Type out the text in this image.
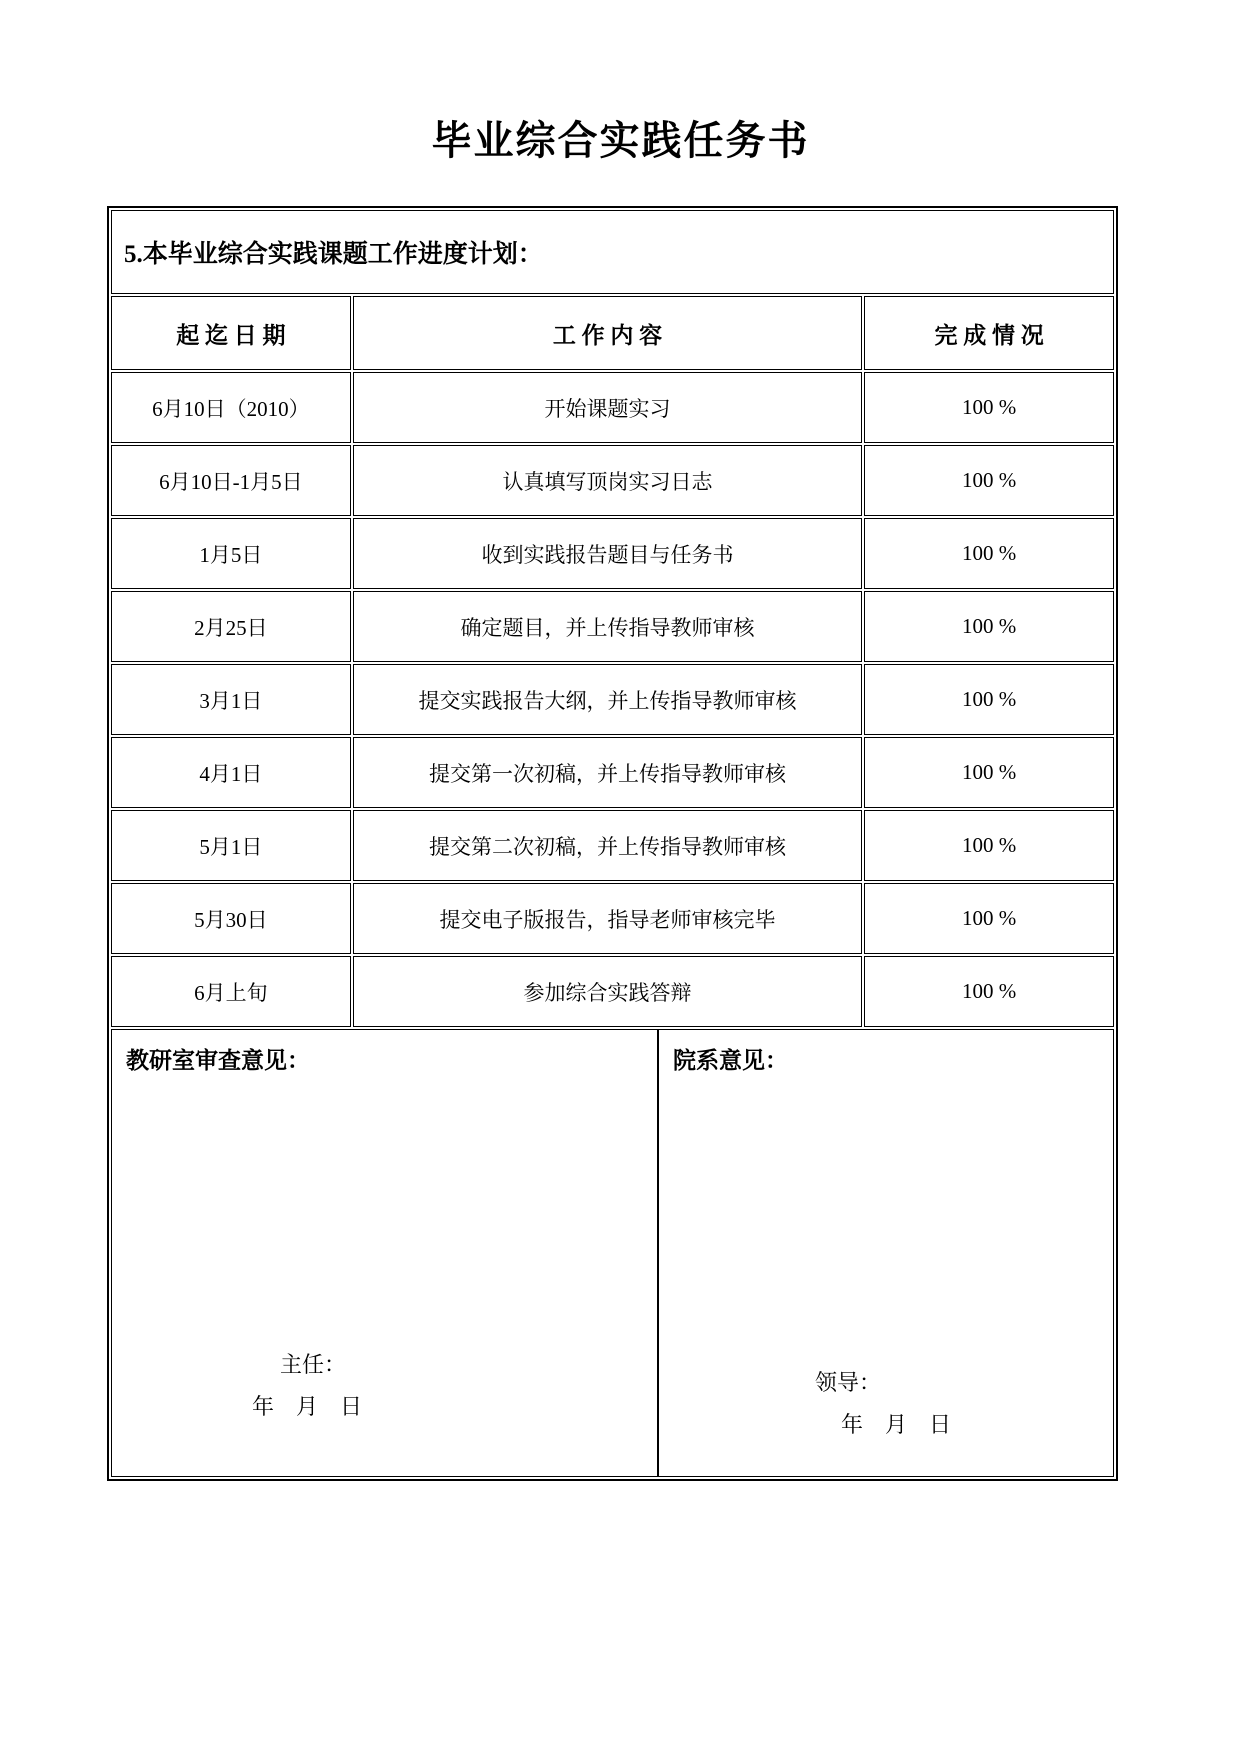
毕业综合实践任务书
5.本毕业综合实践课题工作进度计划：
起 迄 日 期	工 作 内 容	完 成 情 况
6月10日（2010）	开始课题实习	100 %
6月10日-1月5日	认真填写顶岗实习日志	100 %
1月5日	收到实践报告题目与任务书	100 %
2月25日	确定题目，并上传指导教师审核	100 %
3月1日	提交实践报告大纲，并上传指导教师审核	100 %
4月1日	提交第一次初稿，并上传指导教师审核	100 %
5月1日	提交第二次初稿，并上传指导教师审核	100 %
5月30日	提交电子版报告，指导老师审核完毕	100 %
6月上旬	参加综合实践答辩	100 %
教研室审查意见：
主任：
年　月　日
院系意见：
领导：
年　月　日
